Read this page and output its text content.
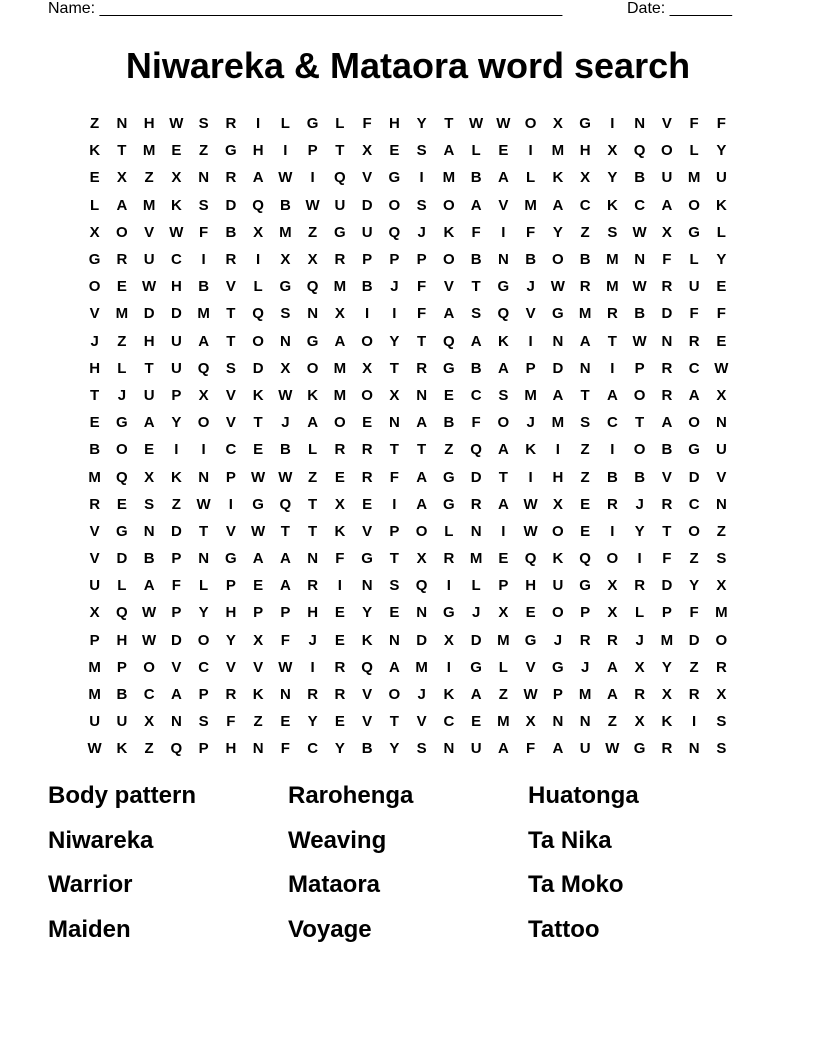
Name: ____________________________________________________	Date: _______
Niwareka & Mataora word search
Z	N	H W	S	R	I	L	G	L	F	H	Y	T	W W O	X	G	I	N	V	F	F
K	T	M	E	Z	G	H	I	P	T	X	E	S	A	L	E	I	M	H	X	Q	O	L	Y
E	X	Z	X	N	R	A W	I	Q	V	G	I	M	B	A	L	K	X	Y	B	U	M	U
L	A	M	K	S	D	Q	B W U	D	O	S	O	A	V	M	A	C	K	C	A	O	K
X	O	V	W	F	B	X	M	Z	G	U	Q	J	K	F	I	F	Y	Z	S	W	X	G	L
G	R	U	C	I	R	I	X	X	R	P	P	P	O	B	N	B	O	B	M	N	F	L	Y
O	E	W H	B	V	L	G	Q	M	B	J	F	V	T	G	J	W R	M W R	U	E
V	M	D	D	M	T	Q	S	N	X	I	I	F	A	S	Q	V	G	M	R	B	D	F	F
J	Z	H	U	A	T	O	N	G	A	O	Y	T	Q	A	K	I	N	A	T	W N	R	E
H	L	T	U	Q	S	D	X	O	M	X	T	R	G	B	A	P	D	N	I	P	R	C W
T	J	U	P	X	V	K W K	M	O	X	N	E	C	S	M	A	T	A	O	R	A	X
E	G	A	Y	O	V	T	J	A	O	E	N	A	B	F	O	J	M	S	C	T	A	O	N
B	O	E	I	I	C	E	B	L	R	R	T	T	Z	Q	A	K	I	Z	I	O	B	G	U
M	Q	X	K	N	P	W W	Z	E	R	F	A	G	D	T	I	H	Z	B	B	V	D	V
R	E	S	Z	W	I	G	Q	T	X	E	I	A	G	R	A W	X	E	R	J	R	C	N
V	G	N	D	T	V	W	T	T	K	V	P	O	L	N	I	W O	E	I	Y	T	O	Z
V	D	B	P	N	G	A	A	N	F	G	T	X	R	M	E	Q	K	Q	O	I	F	Z	S
U	L	A	F	L	P	E	A	R	I	N	S	Q	I	L	P	H	U	G	X	R	D	Y	X
X	Q W	P	Y	H	P	P	H	E	Y	E	N	G	J	X	E	O	P	X	L	P	F	M
P	H W D	O	Y	X	F	J	E	K	N	D	X	D	M	G	J	R	R	J	M	D	O
M	P	O	V	C	V	V	W	I	R	Q	A	M	I	G	L	V	G	J	A	X	Y	Z	R
M	B	C	A	P	R	K	N	R	R	V	O	J	K	A	Z	W	P	M	A	R	X	R	X
U	U	X	N	S	F	Z	E	Y	E	V	T	V	C	E	M	X	N	N	Z	X	K	I	S
W K	Z	Q	P	H	N	F	C	Y	B	Y	S	N	U	A	F	A	U W G	R	N	S
Body pattern	Rarohenga	Huatonga
Niwareka	Weaving	Ta Nika
Warrior	Mataora	Ta Moko
Maiden	Voyage	Tattoo
